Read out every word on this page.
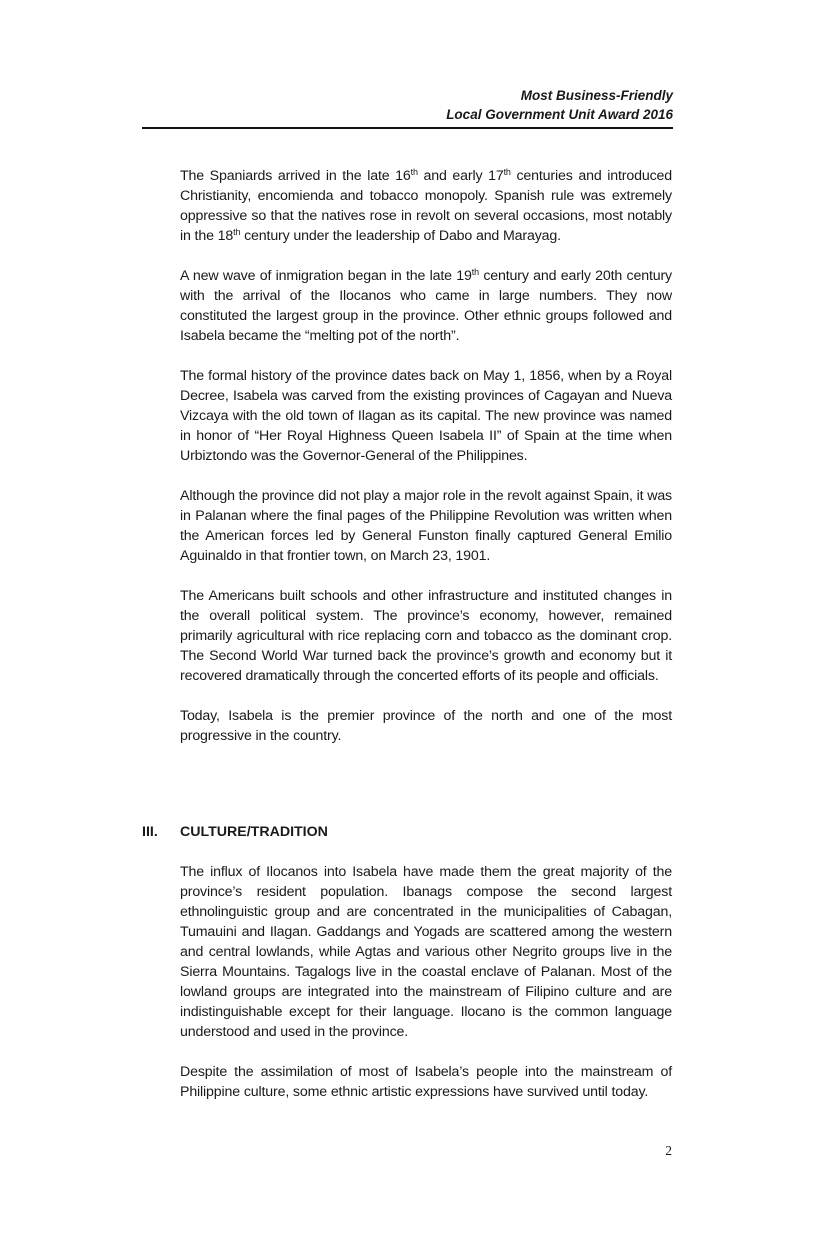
Most Business-Friendly
Local Government Unit Award 2016

The Spaniards arrived in the late 16th and early 17th centuries and introduced Christianity, encomienda and tobacco monopoly. Spanish rule was extremely oppressive so that the natives rose in revolt on several occasions, most notably in the 18th century under the leadership of Dabo and Marayag.

A new wave of inmigration began in the late 19th century and early 20th century with the arrival of the Ilocanos who came in large numbers. They now constituted the largest group in the province. Other ethnic groups followed and Isabela became the “melting pot of the north”.

The formal history of the province dates back on May 1, 1856, when by a Royal Decree, Isabela was carved from the existing provinces of Cagayan and Nueva Vizcaya with the old town of Ilagan as its capital. The new province was named in honor of “Her Royal Highness Queen Isabela II” of Spain at the time when Urbiztondo was the Governor-General of the Philippines.

Although the province did not play a major role in the revolt against Spain, it was in Palanan where the final pages of the Philippine Revolution was written when the American forces led by General Funston finally captured General Emilio Aguinaldo in that frontier town, on March 23, 1901.

The Americans built schools and other infrastructure and instituted changes in the overall political system. The province’s economy, however, remained primarily agricultural with rice replacing corn and tobacco as the dominant crop. The Second World War turned back the province’s growth and economy but it recovered dramatically through the concerted efforts of its people and officials.

Today, Isabela is the premier province of the north and one of the most progressive in the country.

III. CULTURE/TRADITION

The influx of Ilocanos into Isabela have made them the great majority of the province’s resident population. Ibanags compose the second largest ethnolinguistic group and are concentrated in the municipalities of Cabagan, Tumauini and Ilagan. Gaddangs and Yogads are scattered among the western and central lowlands, while Agtas and various other Negrito groups live in the Sierra Mountains. Tagalogs live in the coastal enclave of Palanan. Most of the lowland groups are integrated into the mainstream of Filipino culture and are indistinguishable except for their language. Ilocano is the common language understood and used in the province.

Despite the assimilation of most of Isabela’s people into the mainstream of Philippine culture, some ethnic artistic expressions have survived until today.

2
